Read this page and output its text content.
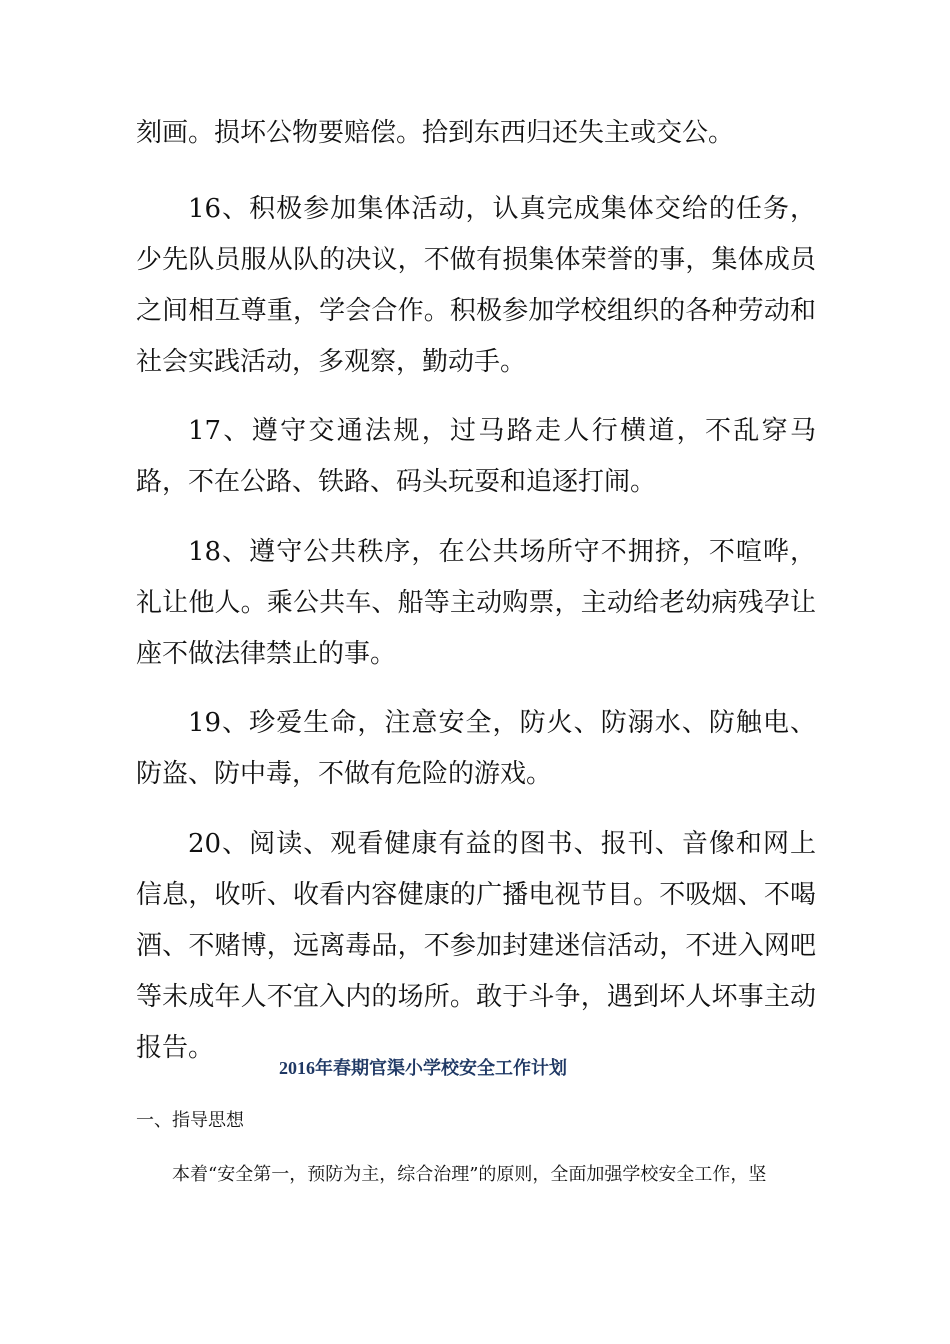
刻画。损坏公物要赔偿。拾到东西归还失主或交公。

16、积极参加集体活动，认真完成集体交给的任务，少先队员服从队的决议，不做有损集体荣誉的事，集体成员之间相互尊重，学会合作。积极参加学校组织的各种劳动和社会实践活动，多观察，勤动手。

17、遵守交通法规，过马路走人行横道，不乱穿马路，不在公路、铁路、码头玩耍和追逐打闹。

18、遵守公共秩序，在公共场所守不拥挤，不喧哗，礼让他人。乘公共车、船等主动购票，主动给老幼病残孕让座不做法律禁止的事。

19、珍爱生命，注意安全，防火、防溺水、防触电、防盗、防中毒，不做有危险的游戏。

20、阅读、观看健康有益的图书、报刊、音像和网上信息，收听、收看内容健康的广播电视节目。不吸烟、不喝酒、不赌博，远离毒品，不参加封建迷信活动，不进入网吧等未成年人不宜入内的场所。敢于斗争，遇到坏人坏事主动报告。

2016年春期官渠小学校安全工作计划

一、指导思想

本着“安全第一，预防为主，综合治理”的原则，全面加强学校安全工作，坚
